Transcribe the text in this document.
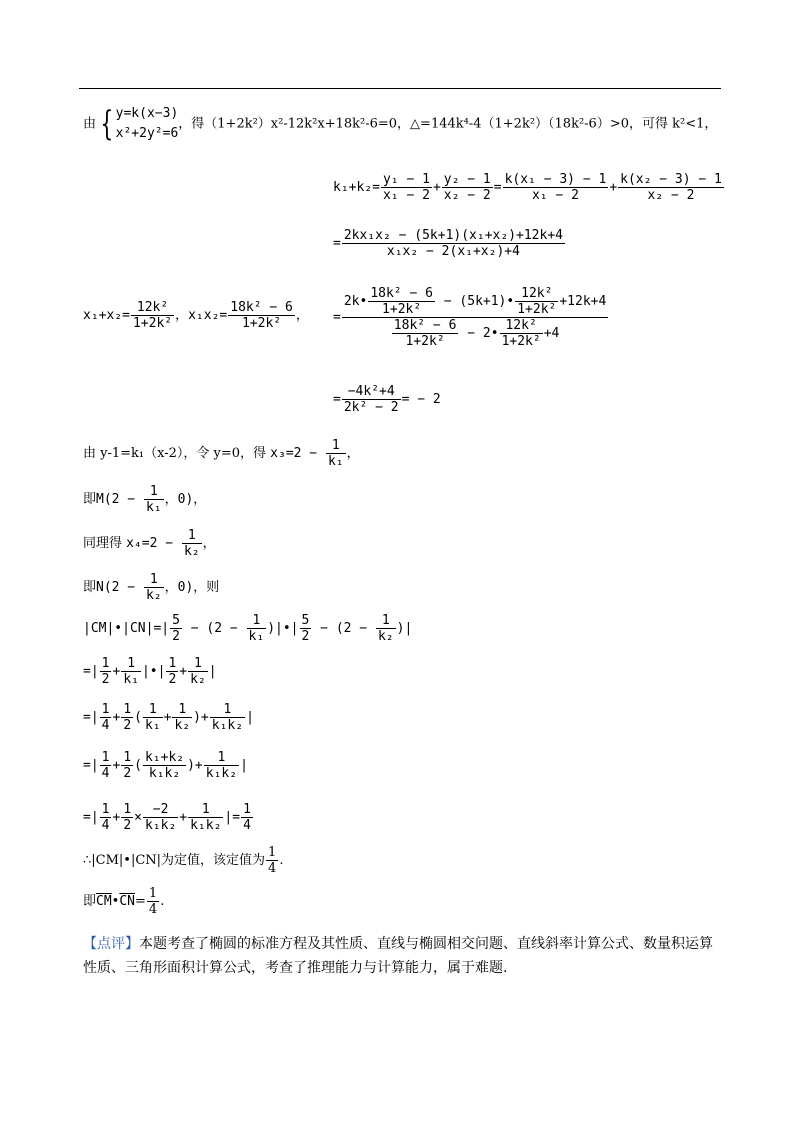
由 { y=k(x−3)
x²+2y²=6
，得（1+2k²）x²-12k²x+18k²-6=0，△=144k⁴-4（1+2k²）（18k²-6）>0，可得 k²<1，
$k_1+k_2= \frac{\text{y₁ − 1}}{\text{x₁ − 2}} + \frac{\text{y₂ − 1}}{\text{x₂ − 2}} = \frac{\text{k(x₁ − 3) − 1}}{\text{x₁ − 2}} + \frac{\text{k(x₂ − 3) − 1}}{\text{x₂ − 2}}$
= $\frac{\text{2kx₁x₂ − (5k+1)(x₁+x₂)+12k+4}}{\text{x₁x₂ − 2(x₁+x₂)+4}}$
$x_1+x_2= \frac{\text{12k²}}{\text{1+2k²}}$ ，$x_1x_2= \frac{\text{18k² − 6}}{\text{1+2k²}}$ ， = $\frac{2k• \frac{\text{18k² − 6}}{\text{1+2k²}} - (5k+1)• \frac{\text{12k²}}{\text{1+2k²}} +12k+4}{\frac{\text{18k² − 6}}{\text{1+2k²}} - 2• \frac{\text{12k²}}{\text{1+2k²}} +4}$
= $\frac{\text{−4k²+4}}{\text{2k² − 2}}$ = − 2
由 y-1=k₁（x-2），令 y=0，得 $x_3=2 - \frac{1}{\text{k₁}}$ ，
即$M(2 - \frac{1}{\text{k₁}}$ ，0)，
同理得 $x_4=2 - \frac{1}{\text{k₂}}$ ，
即$N(2 - \frac{1}{\text{k₂}}$ ，0)，则
|CM|•|CN|=| $\frac{5}{2} - (2 - \frac{1}{\text{k₁}}$ )|•| $\frac{5}{2} - (2 - \frac{1}{\text{k₂}}$ )|
=| $\frac{1}{2} + \frac{1}{\text{k₁}}$ |•| $\frac{1}{2} + \frac{1}{\text{k₂}}$ |
=| $\frac{1}{4} + \frac{1}{2}$ ( $\frac{1}{\text{k₁}} + \frac{1}{\text{k₂}}$ )+ $\frac{1}{\text{k₁k₂}}$ |
=| $\frac{1}{4} + \frac{1}{2}$ ( $\frac{\text{k₁+k₂}}{\text{k₁k₂}}$ )+ $\frac{1}{\text{k₁k₂}}$ |
=| $\frac{1}{4} + \frac{1}{2} \times \frac{-2}{\text{k₁k₂}} + \frac{1}{\text{k₁k₂}}$ |= $\frac{1}{4}$
∴|CM|•|CN|为定值，该定值为 $\frac{1}{4}$ .
即$\overline{CM}•\overline{CN}= \frac{1}{4}$ .
【点评】本题考查了椭圆的标准方程及其性质、直线与椭圆相交问题、直线斜率计算公式、数量积运算
性质、三角形面积计算公式，考查了推理能力与计算能力，属于难题.
